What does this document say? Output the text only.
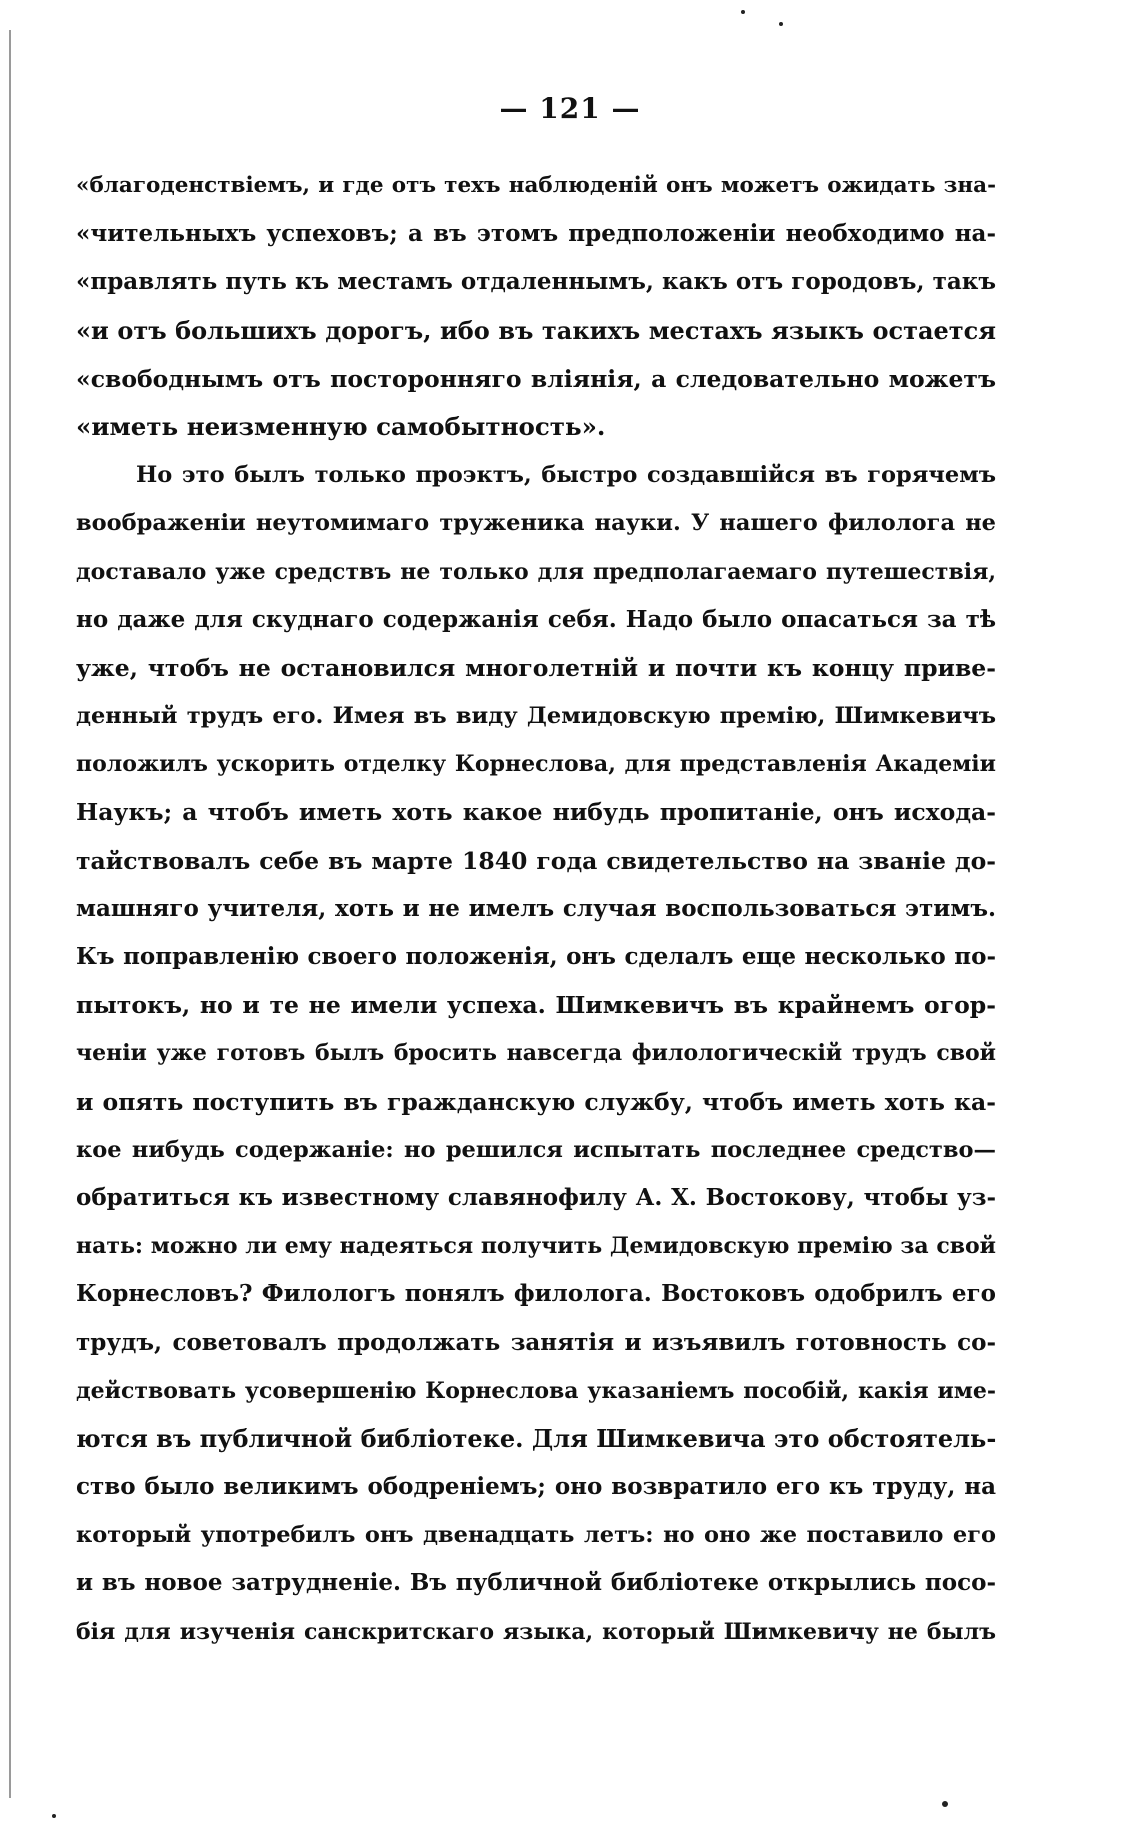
— 121 —
«благоденствіемъ, и где отъ техъ наблюденій онъ можетъ ожидать зна-
«чительныхъ успеховъ; а въ этомъ предположеніи необходимо на-
«правлять путь къ местамъ отдаленнымъ, какъ отъ городовъ, такъ
«и отъ большихъ дорогъ, ибо въ такихъ местахъ языкъ остается
«свободнымъ отъ посторонняго вліянія, а следовательно можетъ
«иметь неизменную самобытность».
Но это былъ только проэктъ, быстро создавшійся въ горячемъ
воображеніи неутомимаго труженика науки. У нашего филолога не
доставало уже средствъ не только для предполагаемаго путешествія,
но даже для скуднаго содержанія себя. Надо было опасаться за тѣ
уже, чтобъ не остановился многолетній и почти къ концу приве-
денный трудъ его. Имея въ виду Демидовскую премію, Шимкевичъ
положилъ ускорить отделку Корнеслова, для представленія Академіи
Наукъ; а чтобъ иметь хоть какое нибудь пропитаніе, онъ исхода-
тайствовалъ себе въ марте 1840 года свидетельство на званіе до-
машняго учителя, хоть и не имелъ случая воспользоваться этимъ.
Къ поправленію своего положенія, онъ сделалъ еще несколько по-
пытокъ, но и те не имели успеха. Шимкевичъ въ крайнемъ огор-
ченіи уже готовъ былъ бросить навсегда филологическій трудъ свой
и опять поступить въ гражданскую службу, чтобъ иметь хоть ка-
кое нибудь содержаніе: но решился испытать последнее средство—
обратиться къ известному славянофилу А. Х. Востокову, чтобы уз-
нать: можно ли ему надеяться получить Демидовскую премію за свой
Корнесловъ? Филологъ понялъ филолога. Востоковъ одобрилъ его
трудъ, советовалъ продолжать занятія и изъявилъ готовность со-
действовать усовершенію Корнеслова указаніемъ пособій, какія име-
ются въ публичной библіотеке. Для Шимкевича это обстоятель-
ство было великимъ ободреніемъ; оно возвратило его къ труду, на
который употребилъ онъ двенадцать летъ: но оно же поставило его
и въ новое затрудненіе. Въ публичной библіотеке открылись посо-
бія для изученія санскритскаго языка, который Шимкевичу не былъ
